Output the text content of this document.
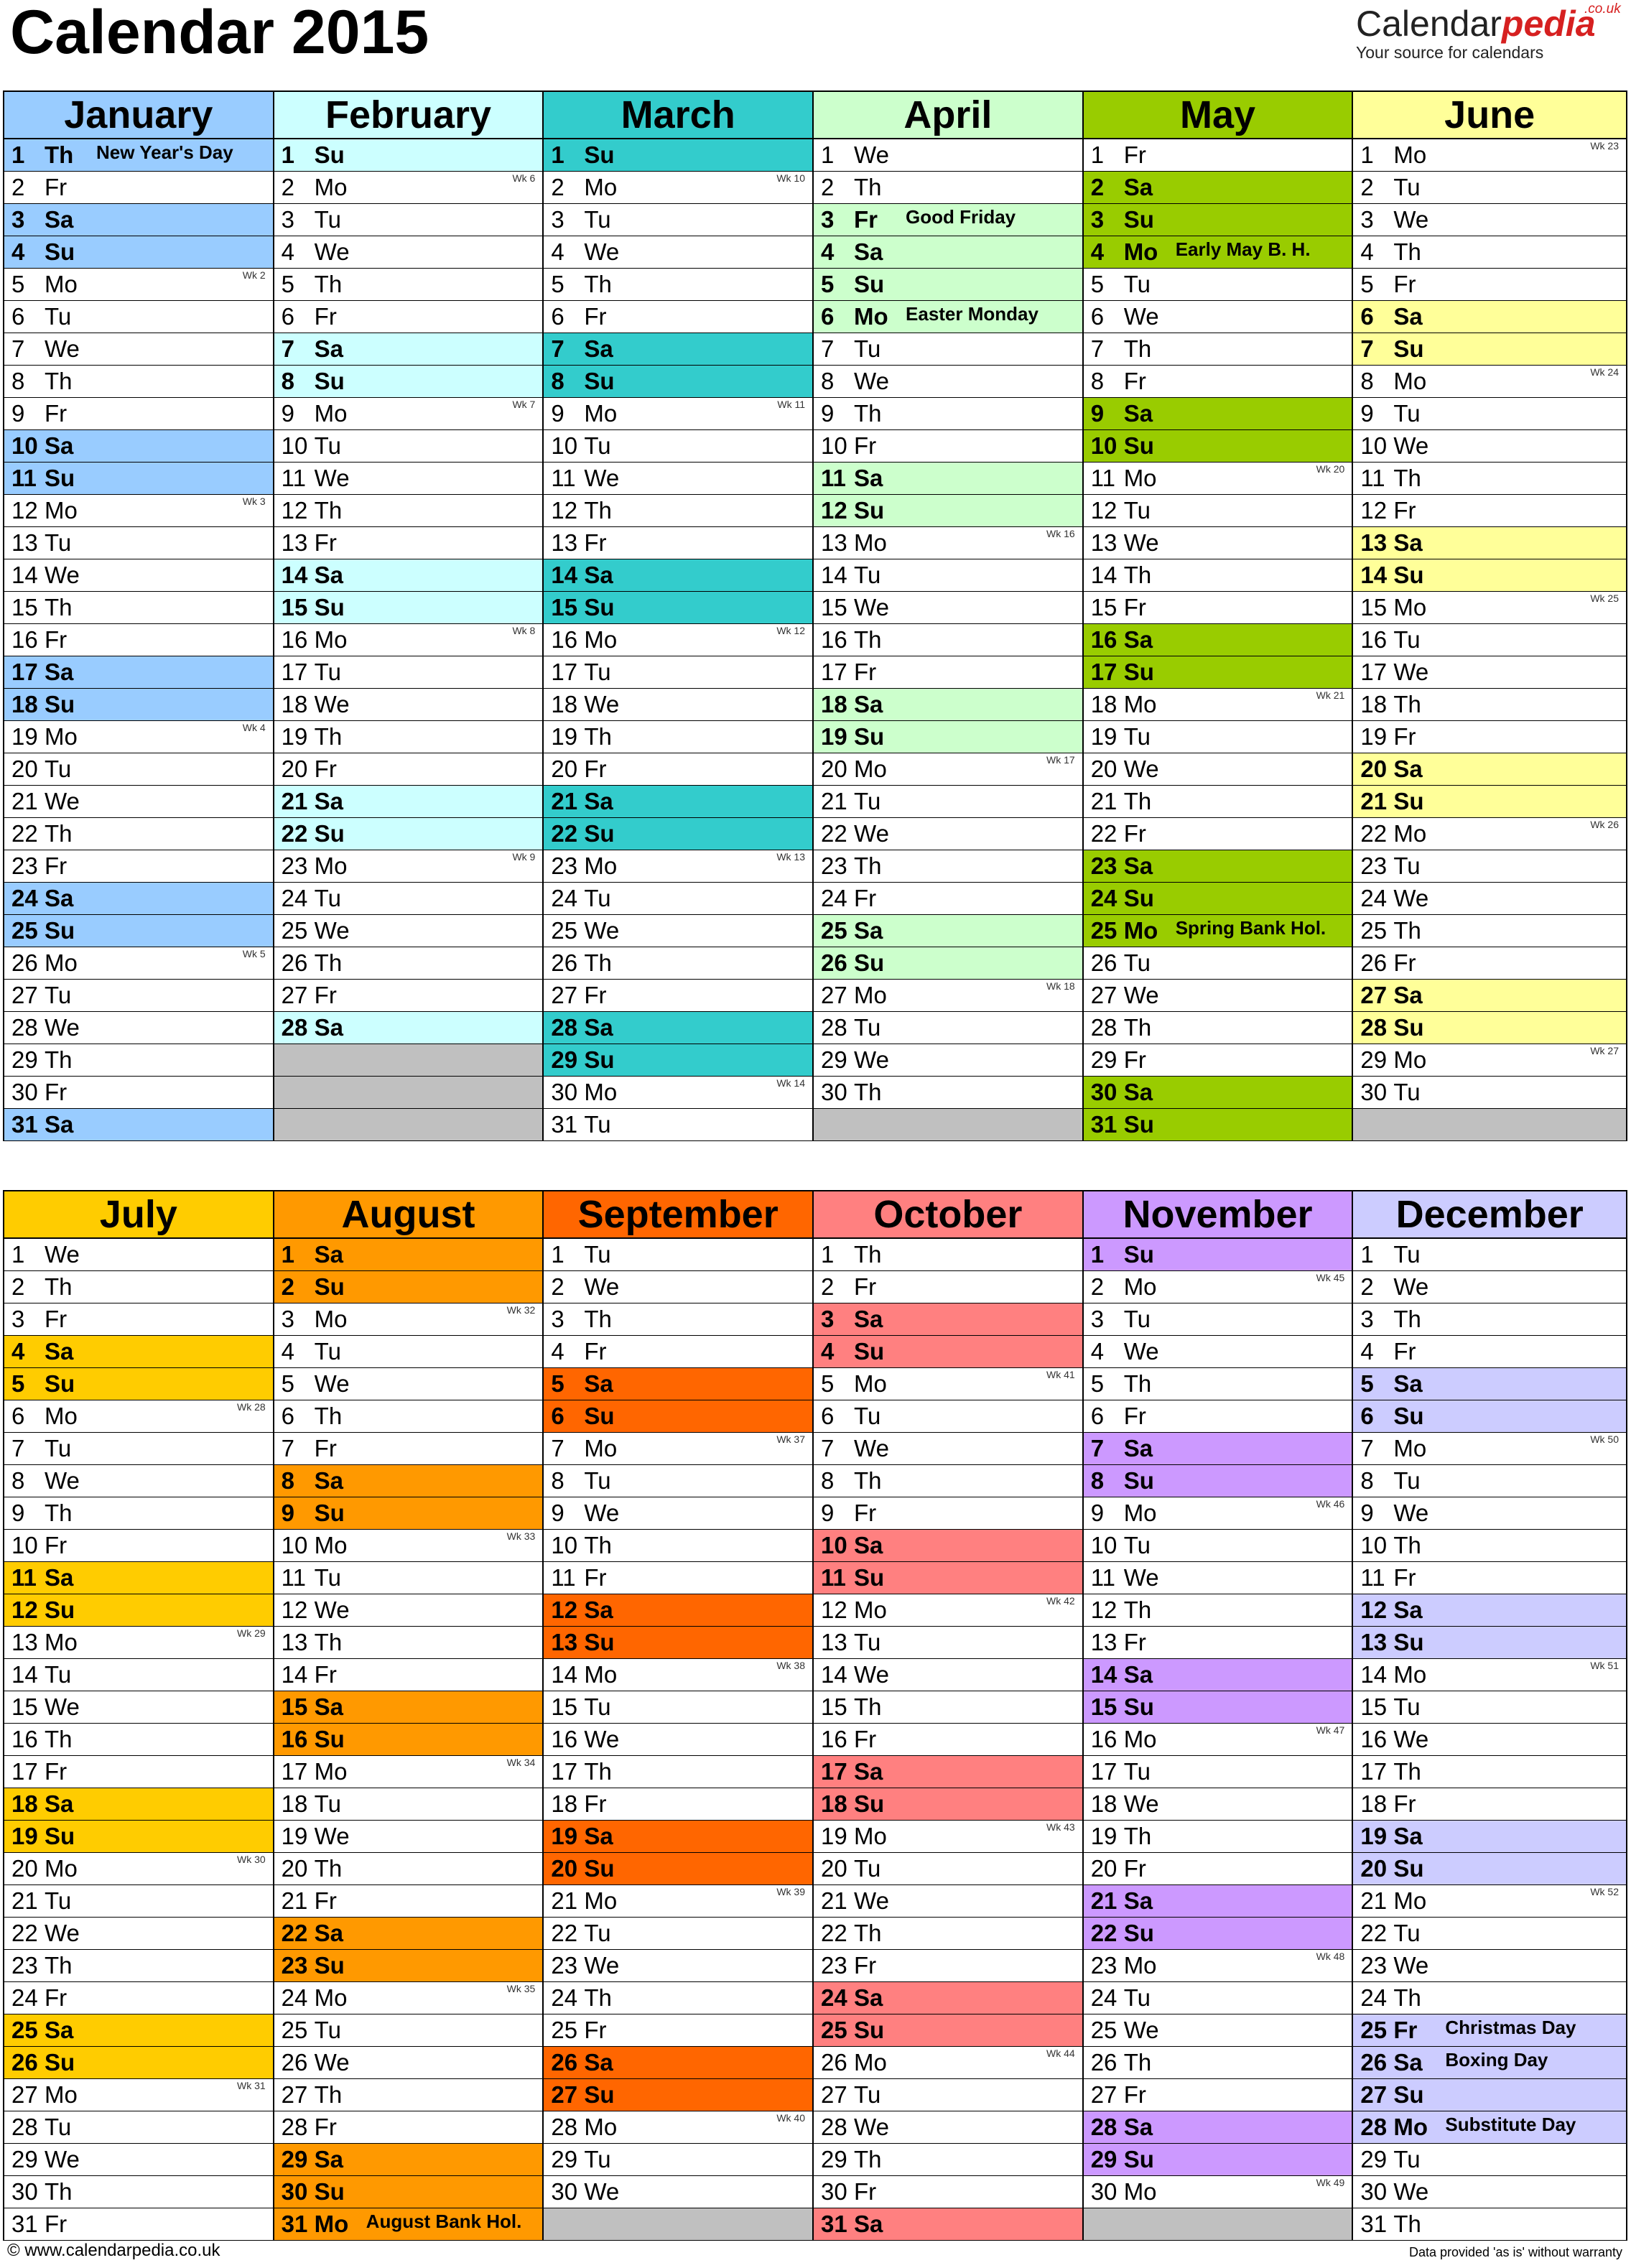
Calendar 2015	Calendarpedia
.co.uk
Your source for calendars
January
1 Th New Year's Day
2 Fr
3 Sa
4 Su
5 Mo	Wk 2
6 Tu
7 We
8 Th
9 Fr
10 Sa
11 Su
12 Mo	Wk 3
13 Tu
14 We
15 Th
16 Fr
17 Sa
18 Su
19 Mo	Wk 4
20 Tu
21 We
22 Th
23 Fr
24 Sa
25 Su
26 Mo	Wk 5
27 Tu
28 We
29 Th
30 Fr
31 Sa
February
1 Su
2 Mo	Wk 6
3 Tu
4 We
5 Th
6 Fr
7 Sa
8 Su
9 Mo	Wk 7
10 Tu
11 We
12 Th
13 Fr
14 Sa
15 Su
16 Mo	Wk 8
17 Tu
18 We
19 Th
20 Fr
21 Sa
22 Su
23 Mo	Wk 9
24 Tu
25 We
26 Th
27 Fr
28 Sa
March
1 Su
2 Mo	Wk 10
3 Tu
4 We
5 Th
6 Fr
7 Sa
8 Su
9 Mo	Wk 11
10 Tu
11 We
12 Th
13 Fr
14 Sa
15 Su
16 Mo	Wk 12
17 Tu
18 We
19 Th
20 Fr
21 Sa
22 Su
23 Mo	Wk 13
24 Tu
25 We
26 Th
27 Fr
28 Sa
29 Su
30 Mo	Wk 14
31 Tu
April
1 We
2 Th
3 Fr Good Friday
4 Sa
5 Su
6 Mo Easter Monday
7 Tu
8 We
9 Th
10 Fr
11 Sa
12 Su
13 Mo	Wk 16
14 Tu
15 We
16 Th
17 Fr
18 Sa
19 Su
20 Mo	Wk 17
21 Tu
22 We
23 Th
24 Fr
25 Sa
26 Su
27 Mo	Wk 18
28 Tu
29 We
30 Th
May
1 Fr
2 Sa
3 Su
4 Mo Early May B. H.
5 Tu
6 We
7 Th
8 Fr
9 Sa
10 Su
11 Mo	Wk 20
12 Tu
13 We
14 Th
15 Fr
16 Sa
17 Su
18 Mo	Wk 21
19 Tu
20 We
21 Th
22 Fr
23 Sa
24 Su
25 Mo Spring Bank Hol.
26 Tu
27 We
28 Th
29 Fr
30 Sa
31 Su
June
1 Mo	Wk 23
2 Tu
3 We
4 Th
5 Fr
6 Sa
7 Su
8 Mo	Wk 24
9 Tu
10 We
11 Th
12 Fr
13 Sa
14 Su
15 Mo	Wk 25
16 Tu
17 We
18 Th
19 Fr
20 Sa
21 Su
22 Mo	Wk 26
23 Tu
24 We
25 Th
26 Fr
27 Sa
28 Su
29 Mo	Wk 27
30 Tu
July
1 We
2 Th
3 Fr
4 Sa
5 Su
6 Mo	Wk 28
7 Tu
8 We
9 Th
10 Fr
11 Sa
12 Su
13 Mo	Wk 29
14 Tu
15 We
16 Th
17 Fr
18 Sa
19 Su
20 Mo	Wk 30
21 Tu
22 We
23 Th
24 Fr
25 Sa
26 Su
27 Mo	Wk 31
28 Tu
29 We
30 Th
31 Fr
August
1 Sa
2 Su
3 Mo	Wk 32
4 Tu
5 We
6 Th
7 Fr
8 Sa
9 Su
10 Mo	Wk 33
11 Tu
12 We
13 Th
14 Fr
15 Sa
16 Su
17 Mo	Wk 34
18 Tu
19 We
20 Th
21 Fr
22 Sa
23 Su
24 Mo	Wk 35
25 Tu
26 We
27 Th
28 Fr
29 Sa
30 Su
31 Mo August Bank Hol.
September
1 Tu
2 We
3 Th
4 Fr
5 Sa
6 Su
7 Mo	Wk 37
8 Tu
9 We
10 Th
11 Fr
12 Sa
13 Su
14 Mo	Wk 38
15 Tu
16 We
17 Th
18 Fr
19 Sa
20 Su
21 Mo	Wk 39
22 Tu
23 We
24 Th
25 Fr
26 Sa
27 Su
28 Mo	Wk 40
29 Tu
30 We
October
1 Th
2 Fr
3 Sa
4 Su
5 Mo	Wk 41
6 Tu
7 We
8 Th
9 Fr
10 Sa
11 Su
12 Mo	Wk 42
13 Tu
14 We
15 Th
16 Fr
17 Sa
18 Su
19 Mo	Wk 43
20 Tu
21 We
22 Th
23 Fr
24 Sa
25 Su
26 Mo	Wk 44
27 Tu
28 We
29 Th
30 Fr
31 Sa
November
1 Su
2 Mo	Wk 45
3 Tu
4 We
5 Th
6 Fr
7 Sa
8 Su
9 Mo	Wk 46
10 Tu
11 We
12 Th
13 Fr
14 Sa
15 Su
16 Mo	Wk 47
17 Tu
18 We
19 Th
20 Fr
21 Sa
22 Su
23 Mo	Wk 48
24 Tu
25 We
26 Th
27 Fr
28 Sa
29 Su
30 Mo	Wk 49
December
1 Tu
2 We
3 Th
4 Fr
5 Sa
6 Su
7 Mo	Wk 50
8 Tu
9 We
10 Th
11 Fr
12 Sa
13 Su
14 Mo	Wk 51
15 Tu
16 We
17 Th
18 Fr
19 Sa
20 Su
21 Mo	Wk 52
22 Tu
23 We
24 Th
25 Fr Christmas Day
26 Sa Boxing Day
27 Su
28 Mo Substitute Day
29 Tu
30 We
31 Th
© www.calendarpedia.co.uk	Data provided 'as is' without warranty
